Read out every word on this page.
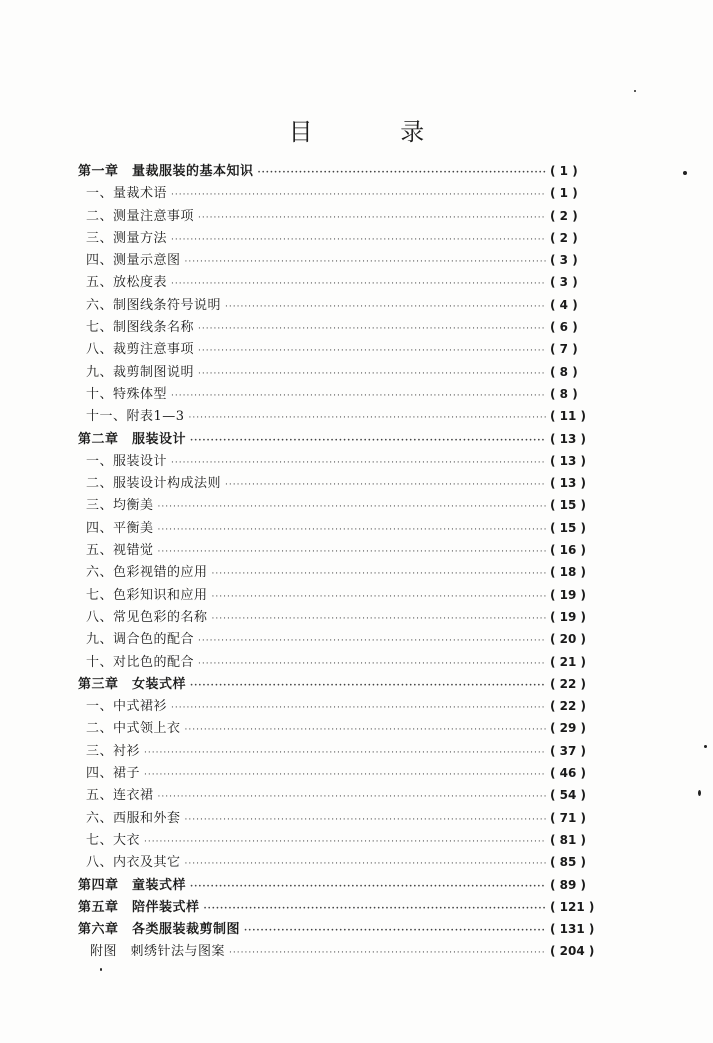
目 录
第一章　量裁服装的基本知识 ·····	( 1 )
一、量裁术语 ·····	( 1 )
二、测量注意事项 ·····	( 2 )
三、测量方法 ·····	( 2 )
四、测量示意图 ·····	( 3 )
五、放松度表 ·····	( 3 )
六、制图线条符号说明 ·····	( 4 )
七、制图线条名称 ·····	( 6 )
八、裁剪注意事项 ·····	( 7 )
九、裁剪制图说明 ·····	( 8 )
十、特殊体型 ·····	( 8 )
十一、附表1—3 ·····	( 11 )
第二章　服装设计 ·····	( 13 )
一、服装设计 ·····	( 13 )
二、服装设计构成法则 ·····	( 13 )
三、均衡美 ·····	( 15 )
四、平衡美 ·····	( 15 )
五、视错觉 ·····	( 16 )
六、色彩视错的应用 ·····	( 18 )
七、色彩知识和应用 ·····	( 19 )
八、常见色彩的名称 ·····	( 19 )
九、调合色的配合 ·····	( 20 )
十、对比色的配合 ·····	( 21 )
第三章　女装式样 ·····	( 22 )
一、中式裙衫 ·····	( 22 )
二、中式领上衣 ·····	( 29 )
三、衬衫 ·····	( 37 )
四、裙子 ·····	( 46 )
五、连衣裙 ·····	( 54 )
六、西服和外套 ·····	( 71 )
七、大衣 ·····	( 81 )
八、内衣及其它 ·····	( 85 )
第四章　童装式样 ·····	( 89 )
第五章　陪伴装式样 ·····	( 121 )
第六章　各类服装裁剪制图 ·····	( 131 )
附图　刺绣针法与图案 ·····	( 204 )
